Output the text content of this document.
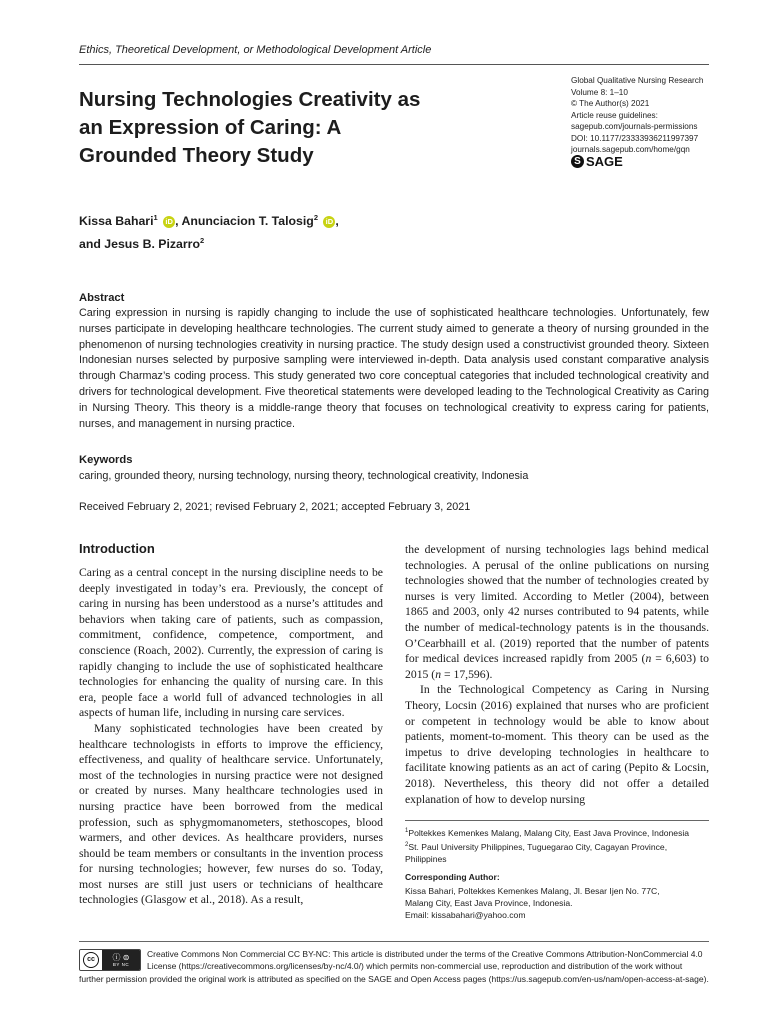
Ethics, Theoretical Development, or Methodological Development Article
Nursing Technologies Creativity as an Expression of Caring: A Grounded Theory Study
Global Qualitative Nursing Research
Volume 8: 1–10
© The Author(s) 2021
Article reuse guidelines:
sagepub.com/journals-permissions
DOI: 10.1177/23333936211997397
journals.sagepub.com/home/gqn
S SAGE
Kissa Bahari$^1$ iD , Anunciacion T. Talosig$^2$ iD ,
and Jesus B. Pizarro$^2$
Abstract

Caring expression in nursing is rapidly changing to include the use of sophisticated healthcare technologies. Unfortunately, few nurses participate in developing healthcare technologies. The current study aimed to generate a theory of nursing grounded in the phenomenon of nursing technologies creativity in nursing practice. The study design used a constructivist grounded theory. Sixteen Indonesian nurses selected by purposive sampling were interviewed in-depth. Data analysis used constant comparative analysis through Charmaz’s coding process. This study generated two core conceptual categories that included technological creativity and drivers for technological development. Five theoretical statements were developed leading to the Technological Creativity as Caring in Nursing Theory. This theory is a middle-range theory that focuses on technological creativity to express caring for patients, nurses, and management in nursing practice.

Keywords
caring, grounded theory, nursing technology, nursing theory, technological creativity, Indonesia
Received February 2, 2021; revised February 2, 2021; accepted February 3, 2021
Introduction

Caring as a central concept in the nursing discipline needs to be deeply investigated in today’s era. Previously, the concept of caring in nursing has been understood as a nurse’s attitudes and behaviors when taking care of patients, such as compassion, commitment, confidence, competence, comportment, and conscience (Roach, 2002). Currently, the expression of caring is rapidly changing to include the use of sophisticated healthcare technologies for enhancing the quality of nursing care. In this era, people face a world full of advanced technologies in all aspects of human life, including in nursing care services.

Many sophisticated technologies have been created by healthcare technologists in efforts to improve the efficiency, effectiveness, and quality of healthcare service. Unfortunately, most of the technologies in nursing practice were not designed or created by nurses. Many healthcare technologies used in nursing practice have been borrowed from the medical profession, such as sphygmomanometers, stethoscopes, blood warmers, and other devices. As healthcare providers, nurses should be team members or consultants in the invention process for nursing technologies; however, few nurses do so. Today, most nurses are still just users or technicians of healthcare technologies (Glasgow et al., 2018). As a result,

the development of nursing technologies lags behind medical technologies. A perusal of the online publications on nursing technologies showed that the number of technologies created by nurses is very limited. According to Metler (2004), between 1865 and 2003, only 42 nurses contributed to 94 patents, while the number of medical-technology patents is in the thousands. O’Cearbhaill et al. (2019) reported that the number of patents for medical devices increased rapidly from 2005 (n = 6,603) to 2015 (n = 17,596).

In the Technological Competency as Caring in Nursing Theory, Locsin (2016) explained that nurses who are proficient or competent in technology would be able to know about patients, moment-to-moment. This theory can be used as the impetus to drive developing technologies in healthcare to facilitate knowing patients as an act of caring (Pepito & Locsin, 2018). Nevertheless, this theory did not offer a detailed explanation of how to develop nursing

$^1$Poltekkes Kemenkes Malang, Malang City, East Java Province, Indonesia
$^2$St. Paul University Philippines, Tuguegarao City, Cagayan Province, Philippines
Corresponding Author:
Kissa Bahari, Poltekkes Kemenkes Malang, Jl. Besar Ijen No. 77C,
Malang City, East Java Province, Indonesia.
Email: kissabahari@yahoo.com
cc	ⓘ ⊜
BY NC
Creative Commons Non Commercial CC BY-NC: This article is distributed under the terms of the Creative Commons Attribution-NonCommercial 4.0 License (https://creativecommons.org/licenses/by-nc/4.0/) which permits non-commercial use, reproduction and distribution of the work without further permission provided the original work is attributed as specified on the SAGE and Open Access pages (https://us.sagepub.com/en-us/nam/open-access-at-sage).
